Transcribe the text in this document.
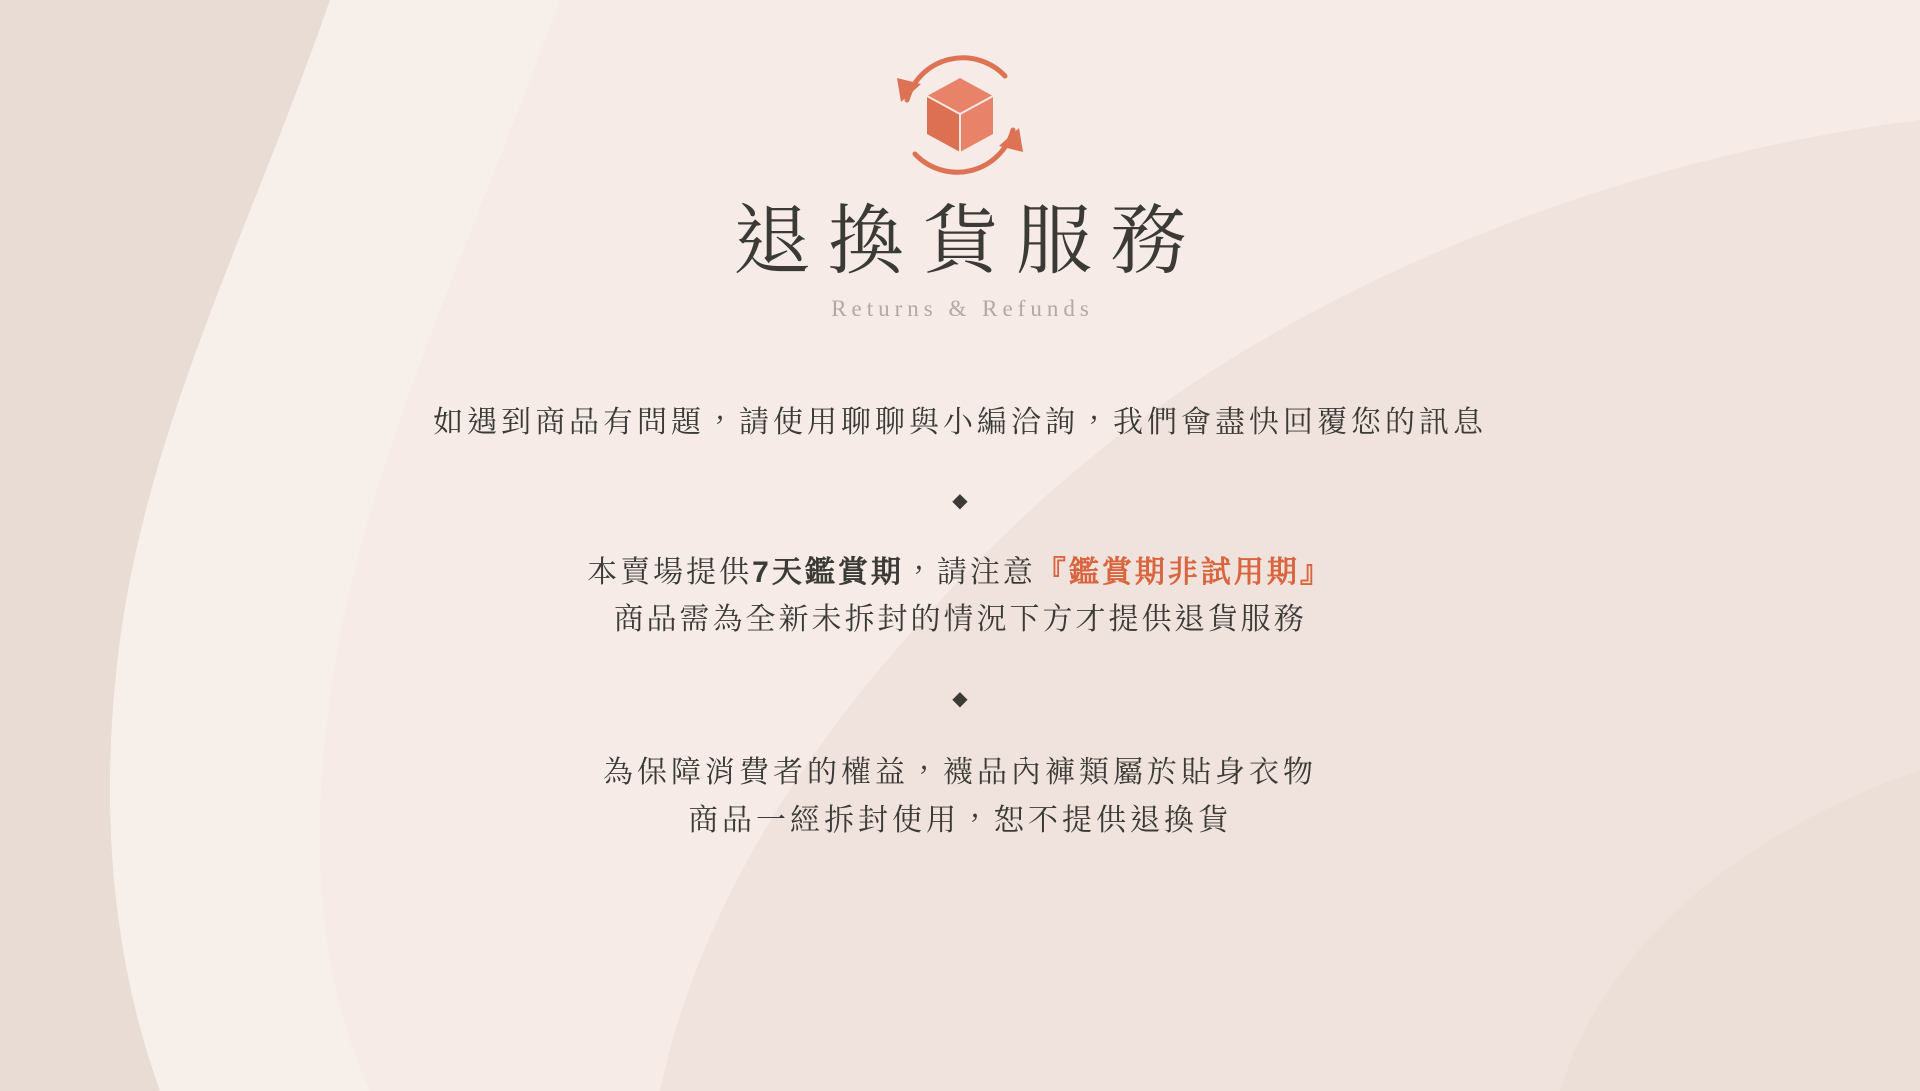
退換貨服務
Returns & Refunds
如遇到商品有問題，請使用聊聊與小編洽詢，我們會盡快回覆您的訊息
◆
本賣場提供7天鑑賞期，請注意『鑑賞期非試用期』
商品需為全新未拆封的情況下方才提供退貨服務
◆
為保障消費者的權益，襪品內褲類屬於貼身衣物
商品一經拆封使用，恕不提供退換貨
